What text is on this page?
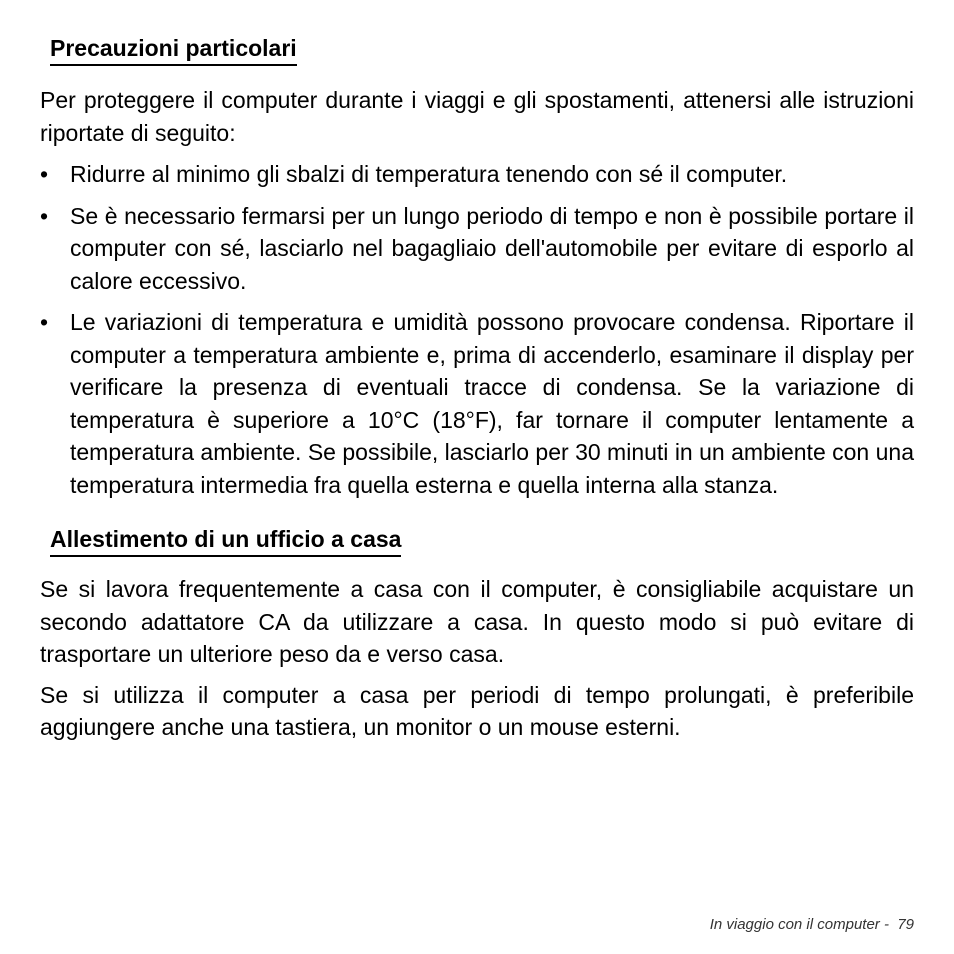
Precauzioni particolari

Per proteggere il computer durante i viaggi e gli spostamenti, attenersi alle istruzioni riportate di seguito:

• Ridurre al minimo gli sbalzi di temperatura tenendo con sé il computer.
• Se è necessario fermarsi per un lungo periodo di tempo e non è possibile portare il computer con sé, lasciarlo nel bagagliaio dell'automobile per evitare di esporlo al calore eccessivo.
• Le variazioni di temperatura e umidità possono provocare condensa. Riportare il computer a temperatura ambiente e, prima di accenderlo, esaminare il display per verificare la presenza di eventuali tracce di condensa. Se la variazione di temperatura è superiore a 10°C (18°F), far tornare il computer lentamente a temperatura ambiente. Se possibile, lasciarlo per 30 minuti in un ambiente con una temperatura intermedia fra quella esterna e quella interna alla stanza.
Allestimento di un ufficio a casa

Se si lavora frequentemente a casa con il computer, è consigliabile acquistare un secondo adattatore CA da utilizzare a casa. In questo modo si può evitare di trasportare un ulteriore peso da e verso casa.

Se si utilizza il computer a casa per periodi di tempo prolungati, è preferibile aggiungere anche una tastiera, un monitor o un mouse esterni.

In viaggio con il computer - 79
